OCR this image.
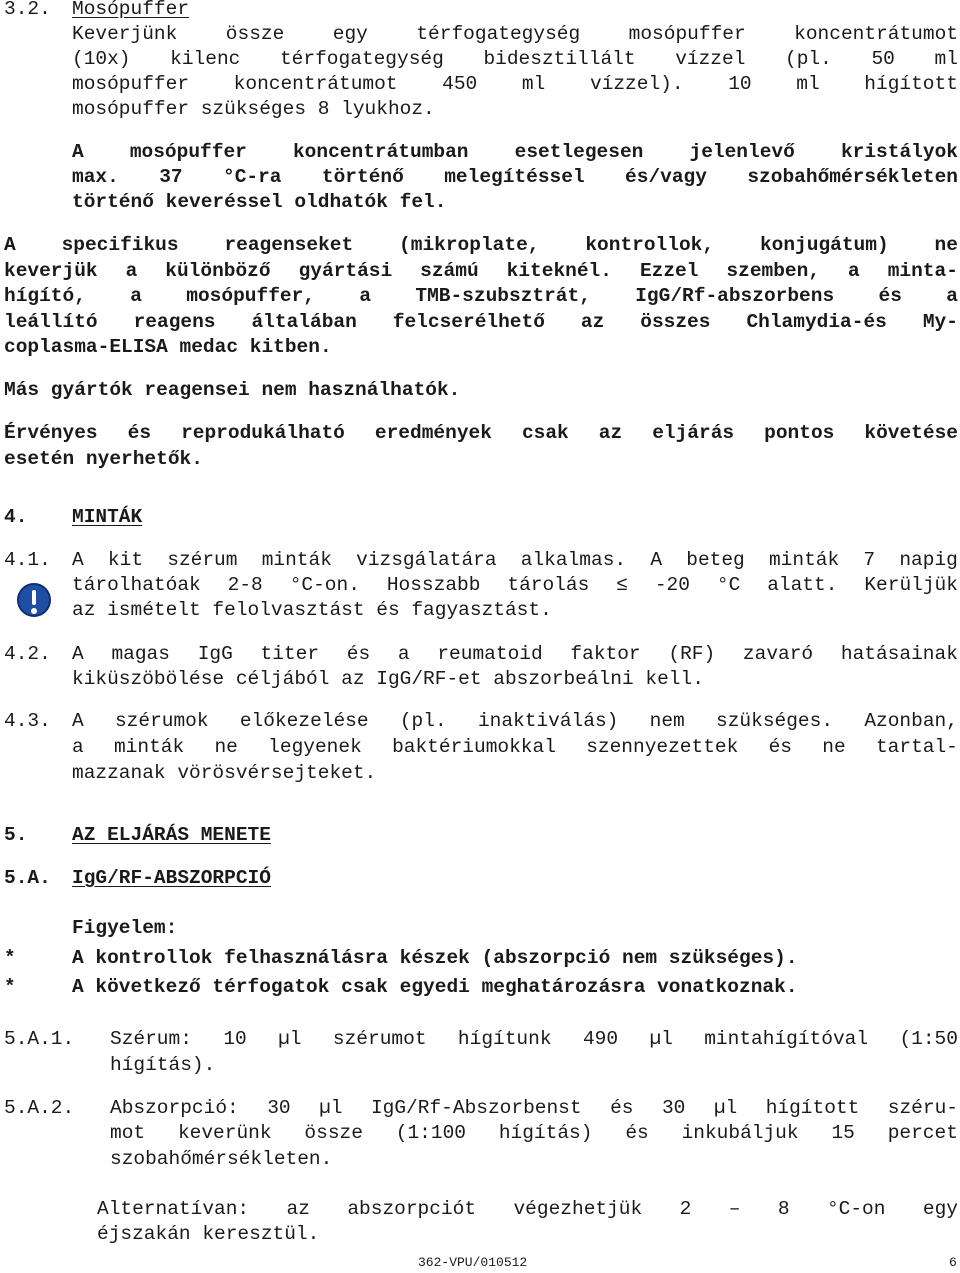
3.2. Mosópuffer
Keverjünk össze egy térfogategység mosópuffer koncentrátumot
(10x) kilenc térfogategység bidesztillált vízzel (pl. 50 ml
mosópuffer koncentrátumot 450 ml vízzel). 10 ml hígított
mosópuffer szükséges 8 lyukhoz.
A mosópuffer koncentrátumban esetlegesen jelenlevő kristályok
max. 37 °C-ra történő melegítéssel és/vagy szobahőmérsékleten
történő keveréssel oldhatók fel.
A specifikus reagenseket (mikroplate, kontrollok, konjugátum) ne
keverjük a különböző gyártási számú kiteknél. Ezzel szemben, a minta-
hígító, a mosópuffer, a TMB-szubsztrát, IgG/Rf-abszorbens és a
leállító reagens általában felcserélhető az összes Chlamydia-és My-
coplasma-ELISA medac kitben.
Más gyártók reagensei nem használhatók.
Érvényes és reprodukálható eredmények csak az eljárás pontos követése
esetén nyerhetők.
4. MINTÁK
4.1. A kit szérum minták vizsgálatára alkalmas. A beteg minták 7 napig
tárolhatóak 2-8 °C-on. Hosszabb tárolás ≤ -20 °C alatt. Kerüljük
az ismételt felolvasztást és fagyasztást.
4.2. A magas IgG titer és a reumatoid faktor (RF) zavaró hatásainak
kiküszöbölése céljából az IgG/RF-et abszorbeálni kell.
4.3. A szérumok előkezelése (pl. inaktiválás) nem szükséges. Azonban,
a minták ne legyenek baktériumokkal szennyezettek és ne tartal-
mazzanak vörösvérsejteket.
5. AZ ELJÁRÁS MENETE
5.A. IgG/RF-ABSZORPCIÓ
Figyelem:
*	A kontrollok felhasználásra készek (abszorpció nem szükséges).
*	A következő térfogatok csak egyedi meghatározásra vonatkoznak.
5.A.1. Szérum: 10 µl szérumot hígítunk 490 µl mintahígítóval (1:50
hígítás).
5.A.2. Abszorpció: 30 µl IgG/Rf-Abszorbenst és 30 µl hígított széru-
mot keverünk össze (1:100 hígítás) és inkubáljuk 15 percet
szobahőmérsékleten.
Alternatívan: az abszorpciót végezhetjük 2 – 8 °C-on egy
éjszakán keresztül.
362-VPU/010512	6
